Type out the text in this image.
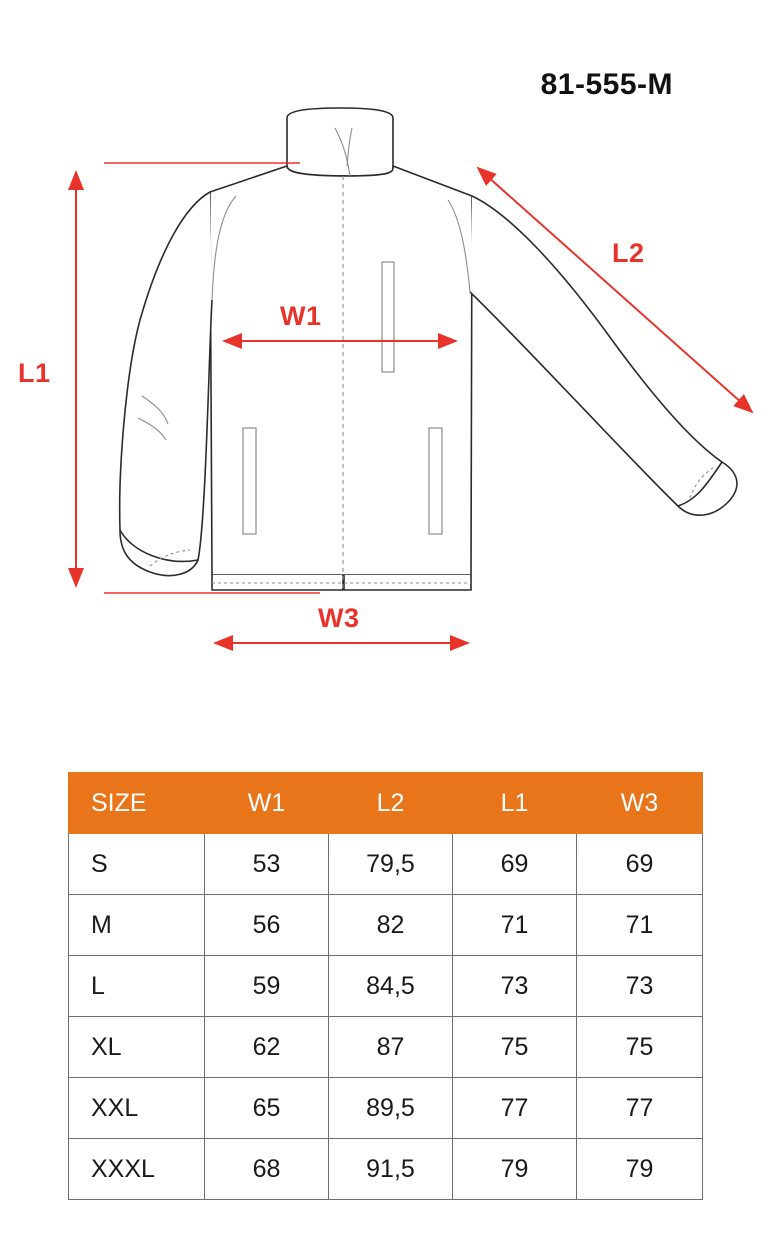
81-555-M
L1
L2
W1
W3
SIZE	W1	L2	L1	W3
S	53	79,5	69	69
M	56	82	71	71
L	59	84,5	73	73
XL	62	87	75	75
XXL	65	89,5	77	77
XXXL	68	91,5	79	79
